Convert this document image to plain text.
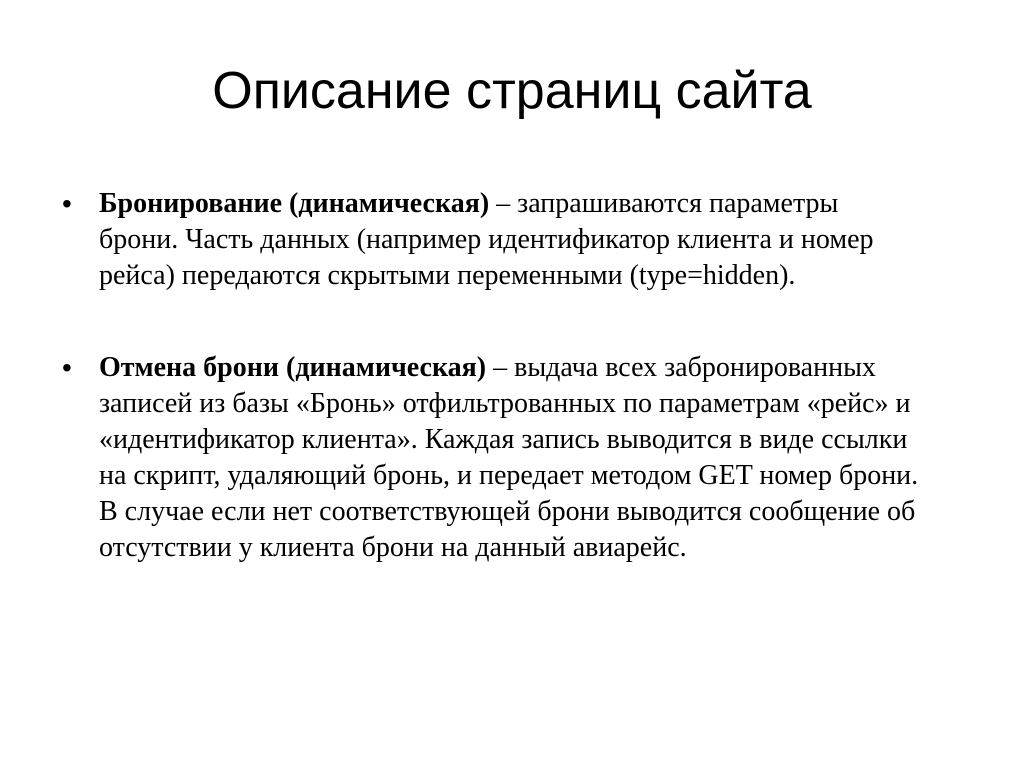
Описание страниц сайта
• Бронирование (динамическая) – запрашиваются параметры брони. Часть данных (например идентификатор клиента и номер рейса) передаются скрытыми переменными (type=hidden).
• Отмена брони (динамическая) – выдача всех забронированных записей из базы «Бронь» отфильтрованных по параметрам «рейс» и «идентификатор клиента». Каждая запись выводится в виде ссылки на скрипт, удаляющий бронь, и передает методом GET номер брони. В случае если нет соответствующей брони выводится сообщение об отсутствии у клиента брони на данный авиарейс.
